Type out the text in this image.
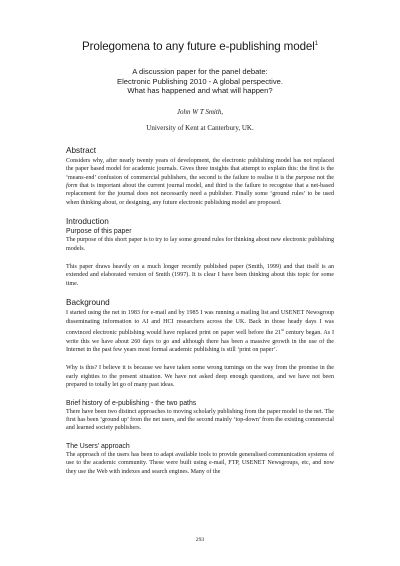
Prolegomena to any future e-publishing model$^1$
A discussion paper for the panel debate:
Electronic Publishing 2010 - A global perspective.
What has happened and what will happen?
John W T Smith,
University of Kent at Canterbury, UK.
Abstract

Considers why, after nearly twenty years of development, the electronic publishing model has not replaced the paper based model for academic journals. Gives three insights that attempt to explain this: the first is the ‘means-end’ confusion of commercial publishers, the second is the failure to realise it is the purpose not the form that is important about the current journal model, and third is the failure to recognise that a net-based replacement for the journal does not necessarily need a publisher. Finally some ‘ground rules’ to be used when thinking about, or designing, any future electronic publishing model are proposed.

Introduction
Purpose of this paper

The purpose of this short paper is to try to lay some ground rules for thinking about new electronic publishing models.

This paper draws heavily on a much longer recently published paper (Smith, 1999) and that itself is an extended and elaborated version of Smith (1997). It is clear I have been thinking about this topic for some time.

Background

I started using the net in 1983 for e-mail and by 1985 I was running a mailing list and USENET Newsgroup disseminating information to AI and HCI researchers across the UK. Back in those heady days I was convinced electronic publishing would have replaced print on paper well before the 21st century began. As I write this we have about 260 days to go and although there has been a massive growth in the use of the Internet in the past few years most formal academic publishing is still ‘print on paper’.

Why is this? I believe it is because we have taken some wrong turnings on the way from the promise in the early eighties to the present situation. We have not asked deep enough questions, and we have not been prepared to totally let go of many past ideas.

Brief history of e-publishing - the two paths

There have been two distinct approaches to moving scholarly publishing from the paper model to the net. The first has been ‘ground up’ from the net users, and the second mainly ‘top-down’ from the existing commercial and learned society publishers.

The Users’ approach

The approach of the users has been to adapt available tools to provide generalised communication systems of use to the academic community. These were built using e-mail, FTP, USENET Newsgroups, etc, and now they use the Web with indexes and search engines. Many of the

293
